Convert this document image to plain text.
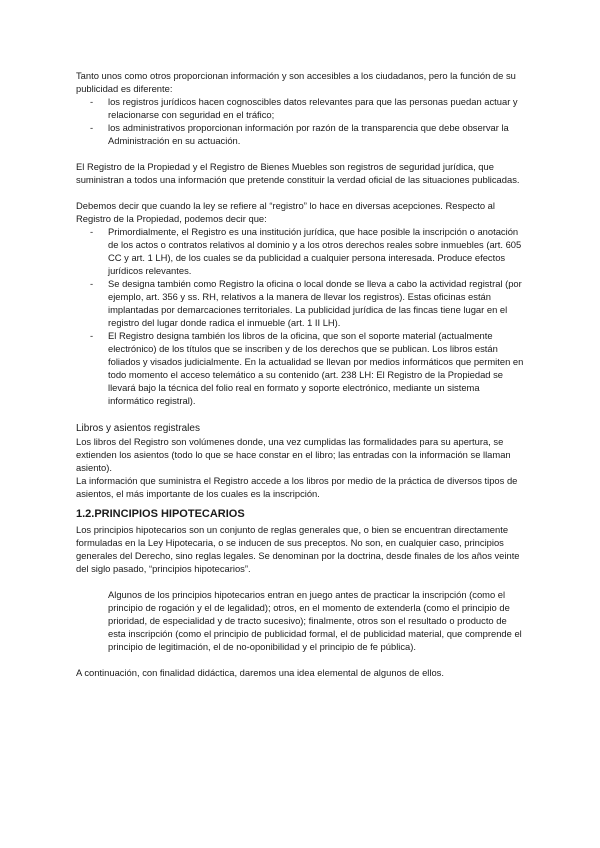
Tanto unos como otros proporcionan información y son accesibles a los ciudadanos, pero la función de su publicidad es diferente:

- los registros jurídicos hacen cognoscibles datos relevantes para que las personas puedan actuar y relacionarse con seguridad en el tráfico;
- los administrativos proporcionan información por razón de la transparencia que debe observar la Administración en su actuación.

El Registro de la Propiedad y el Registro de Bienes Muebles son registros de seguridad jurídica, que suministran a todos una información que pretende constituir la verdad oficial de las situaciones publicadas.

Debemos decir que cuando la ley se refiere al “registro” lo hace en diversas acepciones. Respecto al Registro de la Propiedad, podemos decir que:

- Primordialmente, el Registro es una institución jurídica, que hace posible la inscripción o anotación de los actos o contratos relativos al dominio y a los otros derechos reales sobre inmuebles (art. 605 CC y art. 1 LH), de los cuales se da publicidad a cualquier persona interesada. Produce efectos jurídicos relevantes.
- Se designa también como Registro la oficina o local donde se lleva a cabo la actividad registral (por ejemplo, art. 356 y ss. RH, relativos a la manera de llevar los registros). Estas oficinas están implantadas por demarcaciones territoriales. La publicidad jurídica de las fincas tiene lugar en el registro del lugar donde radica el inmueble (art. 1 II LH).
- El Registro designa también los libros de la oficina, que son el soporte material (actualmente electrónico) de los títulos que se inscriben y de los derechos que se publican. Los libros están foliados y visados judicialmente. En la actualidad se llevan por medios informáticos que permiten en todo momento el acceso telemático a su contenido (art. 238 LH: El Registro de la Propiedad se llevará bajo la técnica del folio real en formato y soporte electrónico, mediante un sistema informático registral).

Libros y asientos registrales

Los libros del Registro son volúmenes donde, una vez cumplidas las formalidades para su apertura, se extienden los asientos (todo lo que se hace constar en el libro; las entradas con la información se llaman asiento).

La información que suministra el Registro accede a los libros por medio de la práctica de diversos tipos de asientos, el más importante de los cuales es la inscripción.

1.2.PRINCIPIOS HIPOTECARIOS

Los principios hipotecarios son un conjunto de reglas generales que, o bien se encuentran directamente formuladas en la Ley Hipotecaria, o se inducen de sus preceptos. No son, en cualquier caso, principios generales del Derecho, sino reglas legales. Se denominan por la doctrina, desde finales de los años veinte del siglo pasado, “principios hipotecarios”.

Algunos de los principios hipotecarios entran en juego antes de practicar la inscripción (como el principio de rogación y el de legalidad); otros, en el momento de extenderla (como el principio de prioridad, de especialidad y de tracto sucesivo); finalmente, otros son el resultado o producto de esta inscripción (como el principio de publicidad formal, el de publicidad material, que comprende el principio de legitimación, el de no-oponibilidad y el principio de fe pública).

A continuación, con finalidad didáctica, daremos una idea elemental de algunos de ellos.
